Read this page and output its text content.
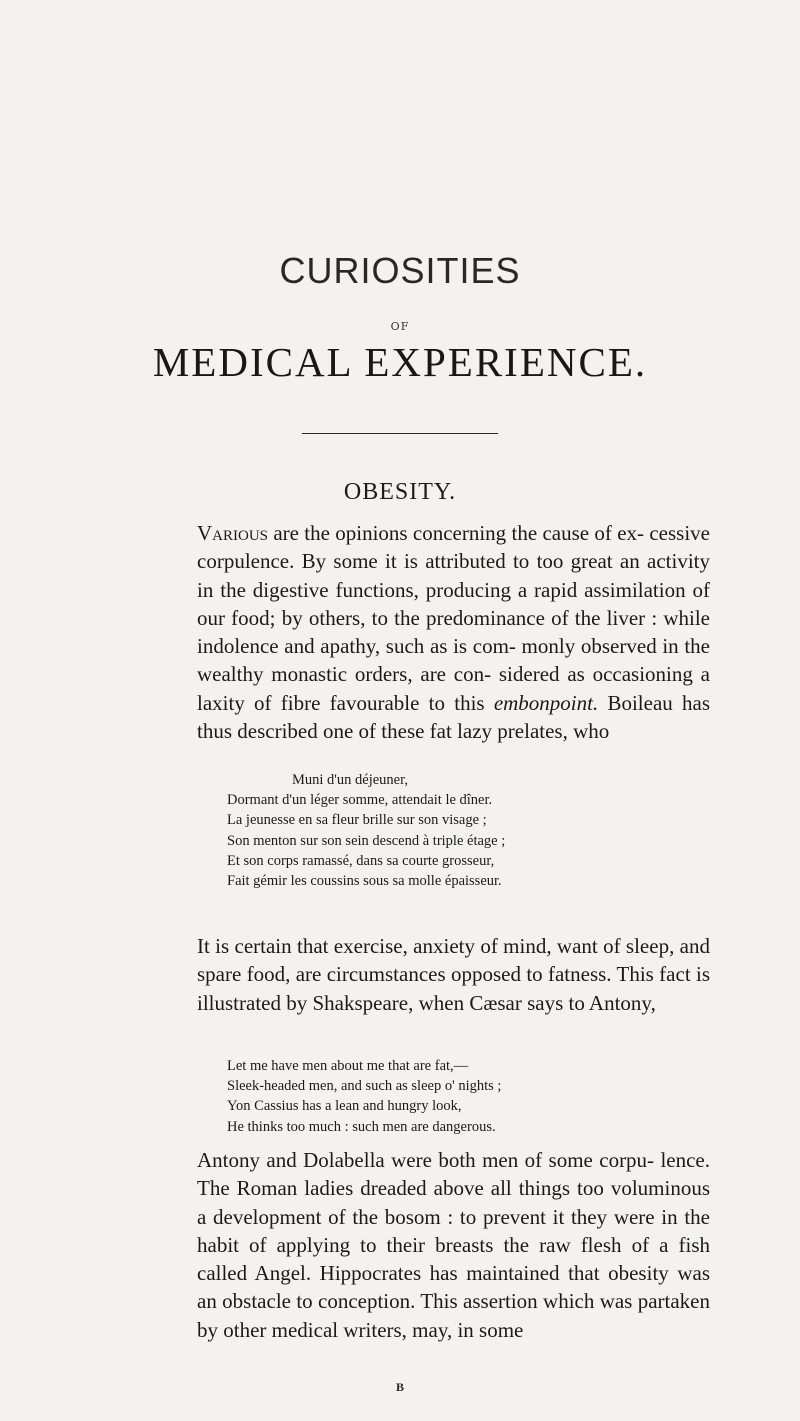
CURIOSITIES
OF
MEDICAL EXPERIENCE.
OBESITY.

Various are the opinions concerning the cause of ex- cessive corpulence. By some it is attributed to too great an activity in the digestive functions, producing a rapid assimilation of our food; by others, to the predominance of the liver : while indolence and apathy, such as is com- monly observed in the wealthy monastic orders, are con- sidered as occasioning a laxity of fibre favourable to this embonpoint. Boileau has thus described one of these fat lazy prelates, who

Muni d'un déjeuner,
Dormant d'un léger somme, attendait le dîner.
La jeunesse en sa fleur brille sur son visage ;
Son menton sur son sein descend à triple étage ;
Et son corps ramassé, dans sa courte grosseur,
Fait gémir les coussins sous sa molle épaisseur.

It is certain that exercise, anxiety of mind, want of sleep, and spare food, are circumstances opposed to fatness. This fact is illustrated by Shakspeare, when Cæsar says to Antony,

Let me have men about me that are fat,—
Sleek-headed men, and such as sleep o' nights ;
Yon Cassius has a lean and hungry look,
He thinks too much : such men are dangerous.

Antony and Dolabella were both men of some corpu- lence. The Roman ladies dreaded above all things too voluminous a development of the bosom : to prevent it they were in the habit of applying to their breasts the raw flesh of a fish called Angel. Hippocrates has maintained that obesity was an obstacle to conception. This assertion which was partaken by other medical writers, may, in some

B
